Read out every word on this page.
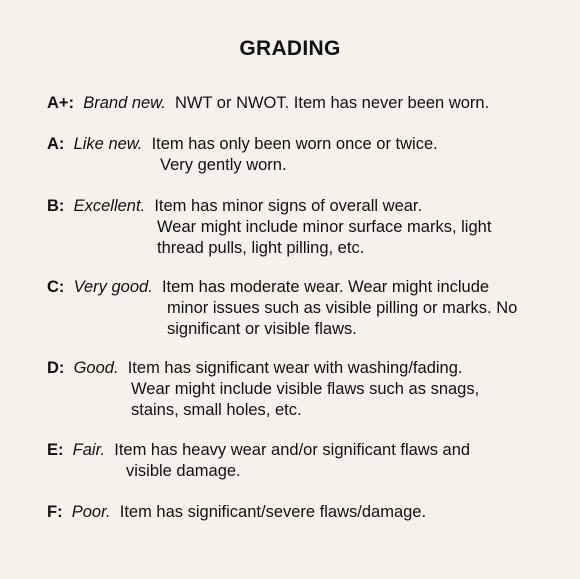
GRADING
A+: Brand new. NWT or NWOT. Item has never been worn.
A: Like new. Item has only been worn once or twice.
Very gently worn.
B: Excellent. Item has minor signs of overall wear.
Wear might include minor surface marks, light
thread pulls, light pilling, etc.
C: Very good. Item has moderate wear. Wear might include
minor issues such as visible pilling or marks. No
significant or visible flaws.
D: Good. Item has significant wear with washing/fading.
Wear might include visible flaws such as snags,
stains, small holes, etc.
E: Fair. Item has heavy wear and/or significant flaws and
visible damage.
F: Poor. Item has significant/severe flaws/damage.
